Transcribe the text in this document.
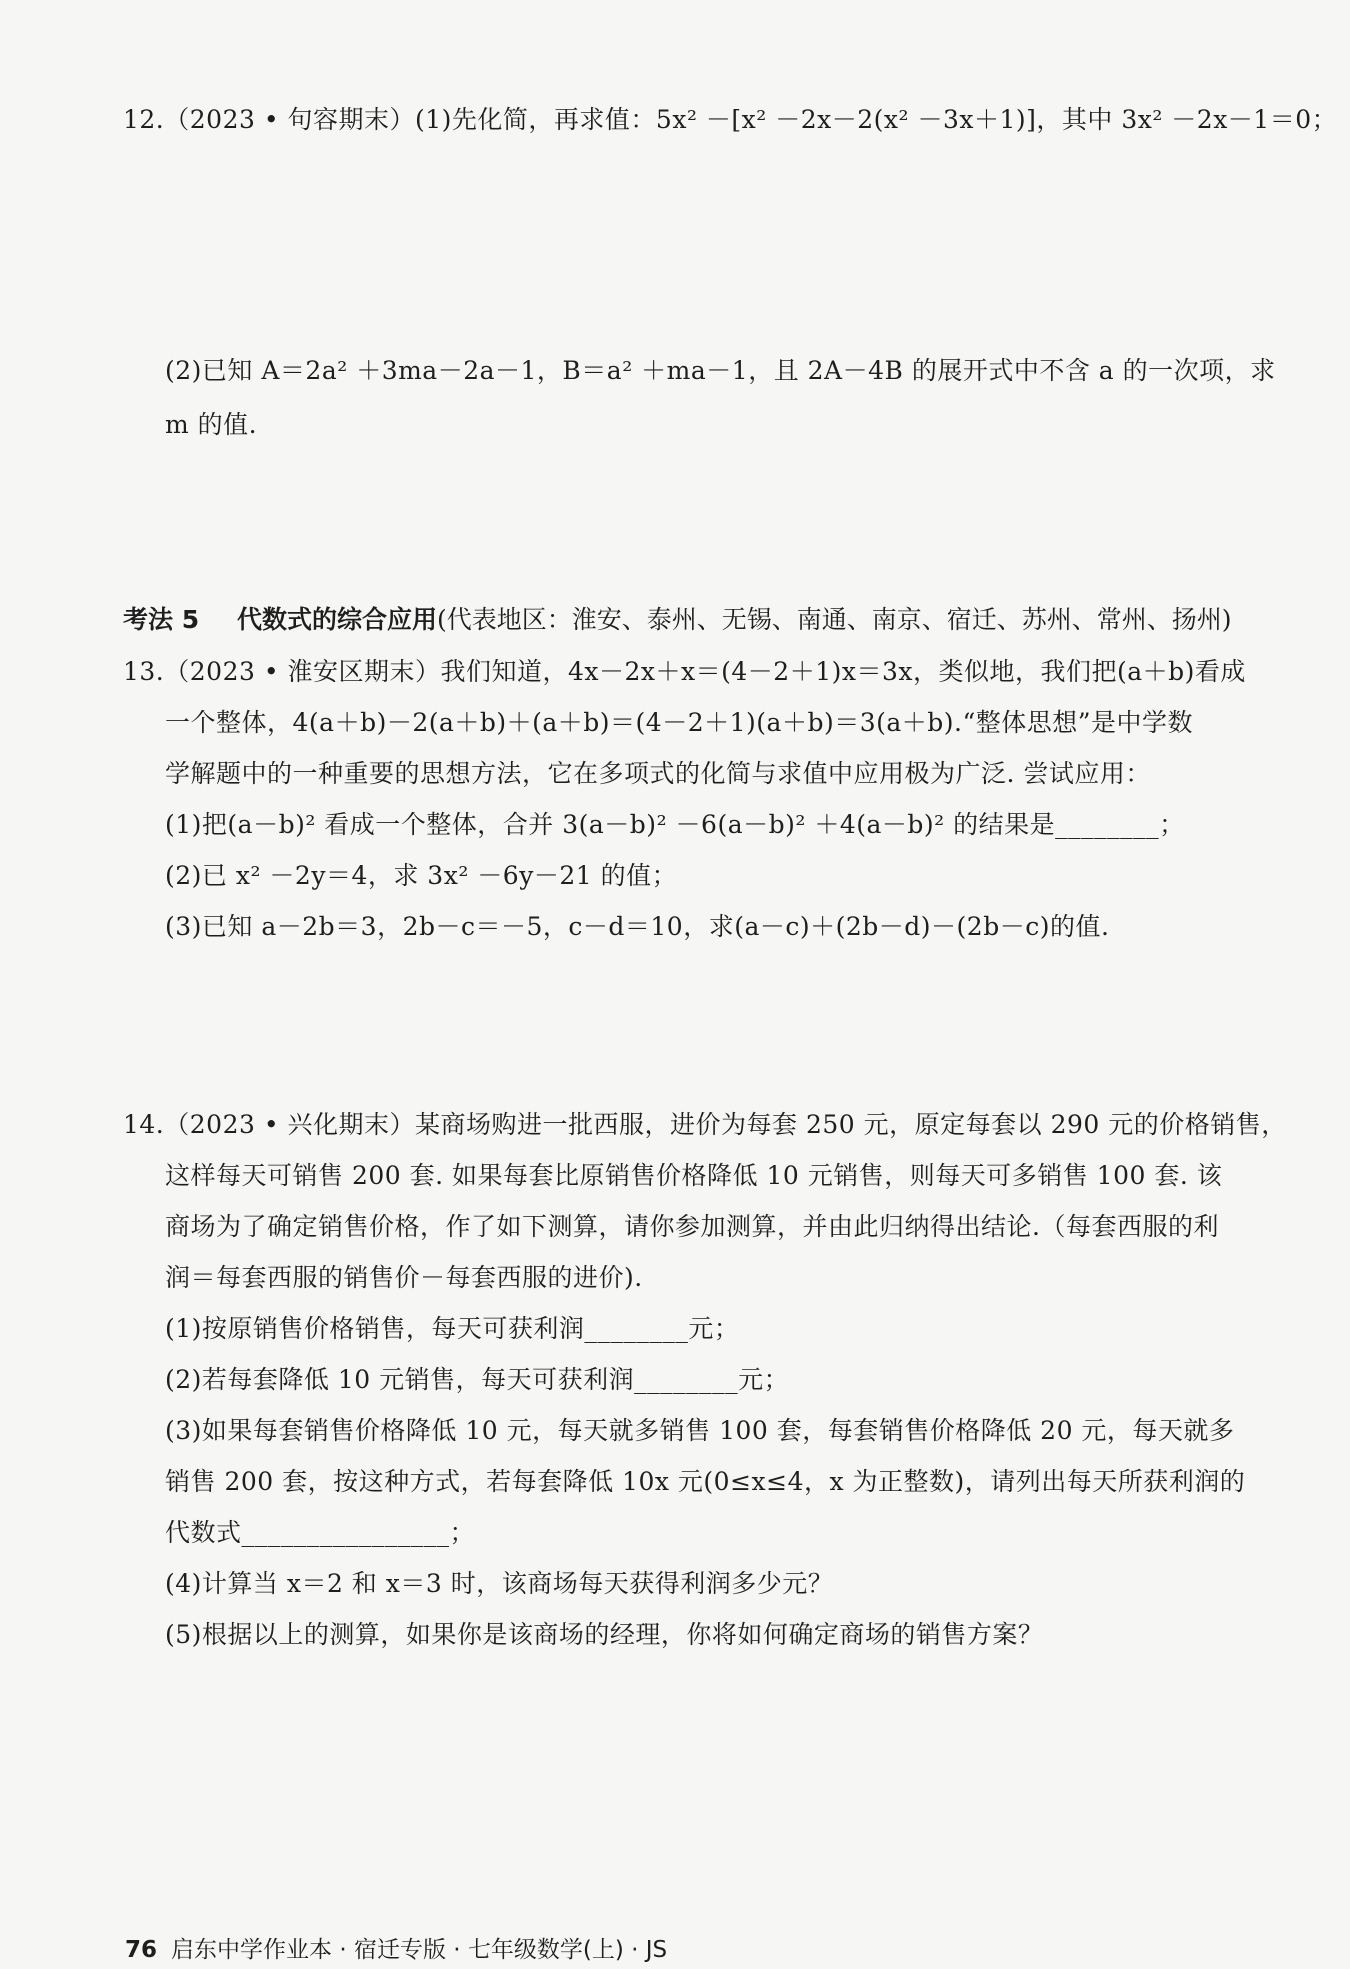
12.（2023 • 句容期末）(1)先化简，再求值：5x² －[x² －2x－2(x² －3x＋1)]，其中 3x² －2x－1＝0；
(2)已知 A＝2a² ＋3ma－2a－1，B＝a² ＋ma－1，且 2A－4B 的展开式中不含 a 的一次项，求
m 的值.
考法 5 代数式的综合应用(代表地区：淮安、泰州、无锡、南通、南京、宿迁、苏州、常州、扬州)
13.（2023 • 淮安区期末）我们知道，4x－2x＋x＝(4－2＋1)x＝3x，类似地，我们把(a＋b)看成
一个整体，4(a＋b)－2(a＋b)＋(a＋b)＝(4－2＋1)(a＋b)＝3(a＋b).“整体思想”是中学数
学解题中的一种重要的思想方法，它在多项式的化简与求值中应用极为广泛. 尝试应用：
(1)把(a－b)² 看成一个整体，合并 3(a－b)² －6(a－b)² ＋4(a－b)² 的结果是________；
(2)已 x² －2y＝4，求 3x² －6y－21 的值；
(3)已知 a－2b＝3，2b－c＝－5，c－d＝10，求(a－c)＋(2b－d)－(2b－c)的值.
14.（2023 • 兴化期末）某商场购进一批西服，进价为每套 250 元，原定每套以 290 元的价格销售，
这样每天可销售 200 套. 如果每套比原销售价格降低 10 元销售，则每天可多销售 100 套. 该
商场为了确定销售价格，作了如下测算，请你参加测算，并由此归纳得出结论.（每套西服的利
润＝每套西服的销售价－每套西服的进价).
(1)按原销售价格销售，每天可获利润________元；
(2)若每套降低 10 元销售，每天可获利润________元；
(3)如果每套销售价格降低 10 元，每天就多销售 100 套，每套销售价格降低 20 元，每天就多
销售 200 套，按这种方式，若每套降低 10x 元(0≤x≤4，x 为正整数)，请列出每天所获利润的
代数式________________；
(4)计算当 x＝2 和 x＝3 时，该商场每天获得利润多少元？
(5)根据以上的测算，如果你是该商场的经理，你将如何确定商场的销售方案？
76 启东中学作业本 · 宿迁专版 · 七年级数学(上) · JS
